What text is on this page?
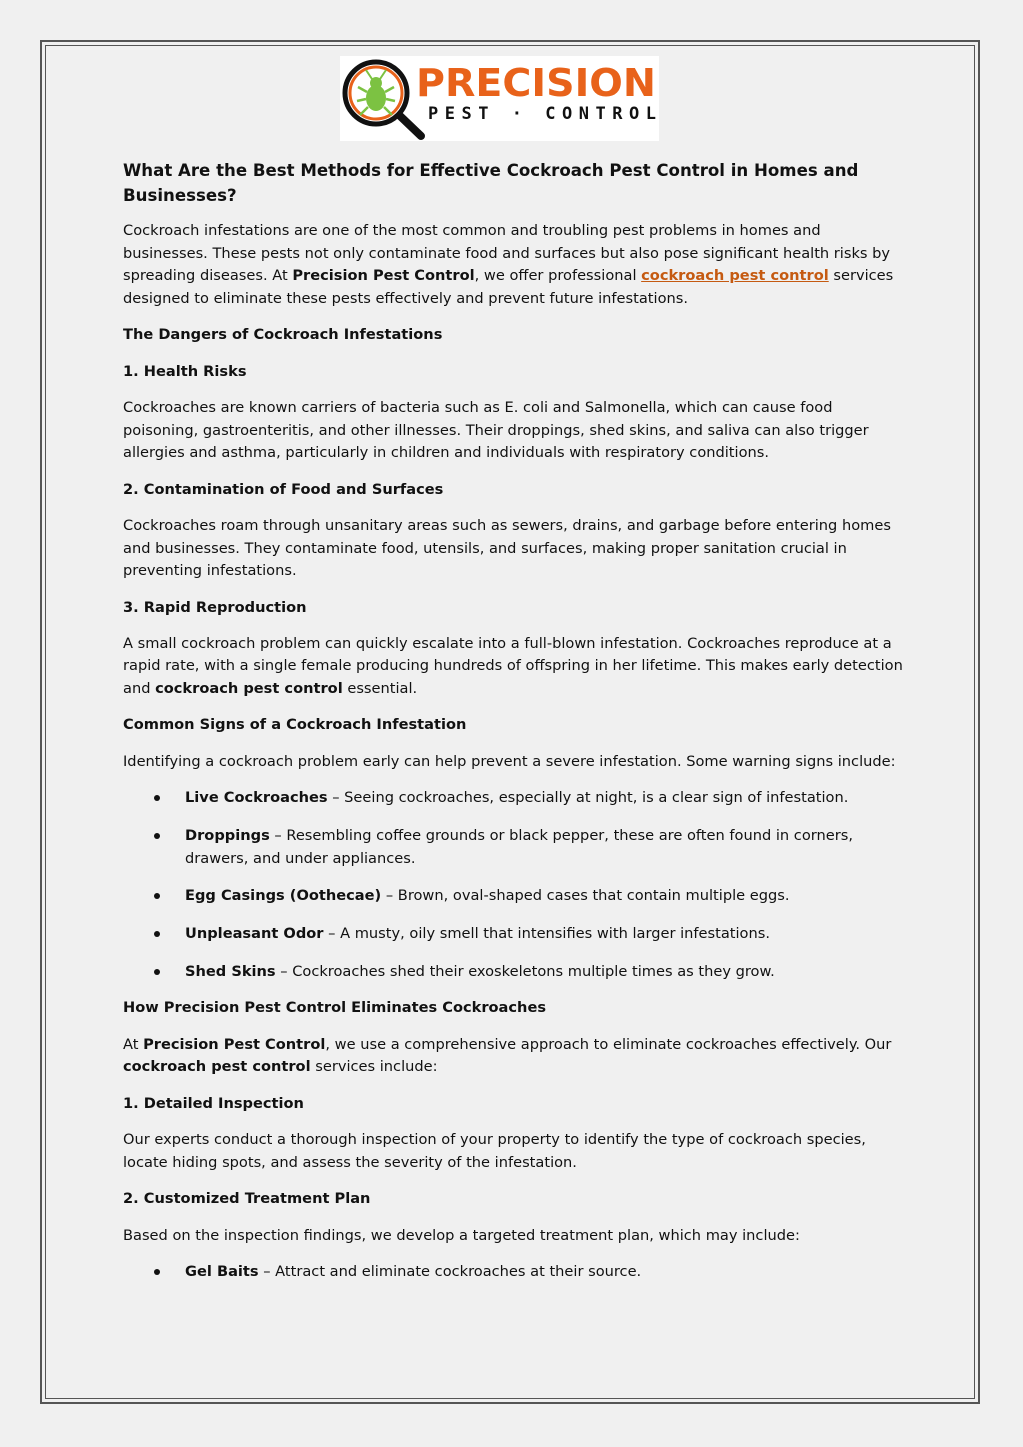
PRECISION
PEST · CONTROL

What Are the Best Methods for Effective Cockroach Pest Control in Homes and Businesses?

Cockroach infestations are one of the most common and troubling pest problems in homes and businesses. These pests not only contaminate food and surfaces but also pose significant health risks by spreading diseases. At Precision Pest Control, we offer professional cockroach pest control services designed to eliminate these pests effectively and prevent future infestations.

The Dangers of Cockroach Infestations

1. Health Risks

Cockroaches are known carriers of bacteria such as E. coli and Salmonella, which can cause food poisoning, gastroenteritis, and other illnesses. Their droppings, shed skins, and saliva can also trigger allergies and asthma, particularly in children and individuals with respiratory conditions.

2. Contamination of Food and Surfaces

Cockroaches roam through unsanitary areas such as sewers, drains, and garbage before entering homes and businesses. They contaminate food, utensils, and surfaces, making proper sanitation crucial in preventing infestations.

3. Rapid Reproduction

A small cockroach problem can quickly escalate into a full-blown infestation. Cockroaches reproduce at a rapid rate, with a single female producing hundreds of offspring in her lifetime. This makes early detection and cockroach pest control essential.

Common Signs of a Cockroach Infestation

Identifying a cockroach problem early can help prevent a severe infestation. Some warning signs include:

Live Cockroaches – Seeing cockroaches, especially at night, is a clear sign of infestation.
Droppings – Resembling coffee grounds or black pepper, these are often found in corners, drawers, and under appliances.
Egg Casings (Oothecae) – Brown, oval-shaped cases that contain multiple eggs.
Unpleasant Odor – A musty, oily smell that intensifies with larger infestations.
Shed Skins – Cockroaches shed their exoskeletons multiple times as they grow.

How Precision Pest Control Eliminates Cockroaches

At Precision Pest Control, we use a comprehensive approach to eliminate cockroaches effectively. Our cockroach pest control services include:

1. Detailed Inspection

Our experts conduct a thorough inspection of your property to identify the type of cockroach species, locate hiding spots, and assess the severity of the infestation.

2. Customized Treatment Plan

Based on the inspection findings, we develop a targeted treatment plan, which may include:

Gel Baits – Attract and eliminate cockroaches at their source.
